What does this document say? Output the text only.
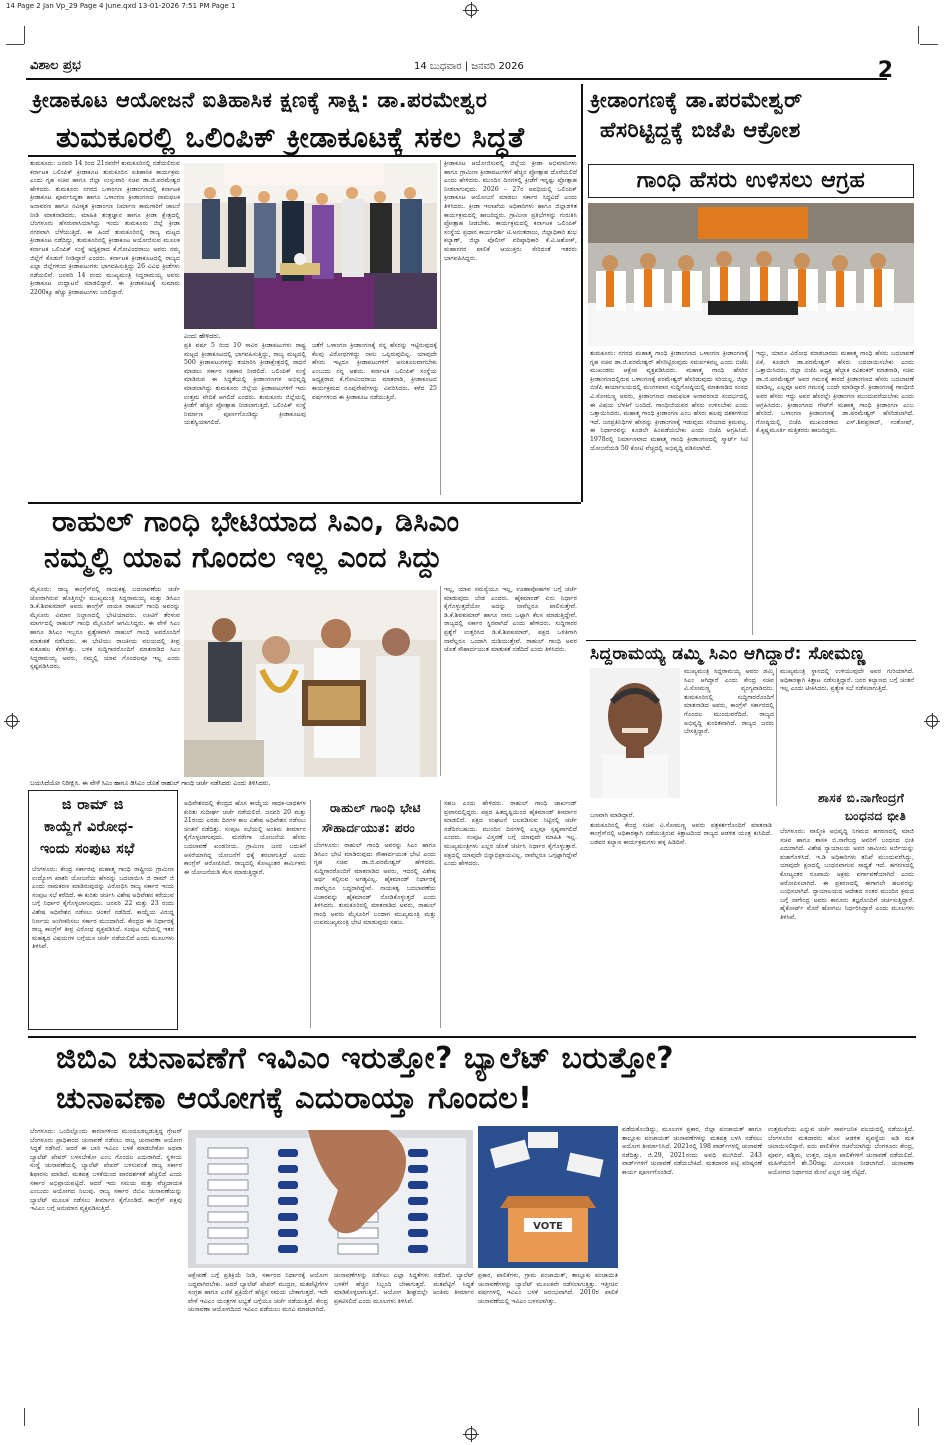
14 Page 2 Jan Vp_29 Page 4 June.qxd 13-01-2026 7:51 PM Page 1
ವಿಶಾಲ ಪ್ರಭ	14 ಬುಧವಾರ | ಜನವರಿ 2026	2
ಕ್ರೀಡಾಕೂಟ ಆಯೋಜನೆ ಐತಿಹಾಸಿಕ ಕ್ಷಣಕ್ಕೆ ಸಾಕ್ಷಿ: ಡಾ.ಪರಮೇಶ್ವರ
ತುಮಕೂರಲ್ಲಿ ಒಲಿಂಪಿಕ್ ಕ್ರೀಡಾಕೂಟಕ್ಕೆ ಸಕಲ ಸಿದ್ಧತೆ
ತುಮಕೂರು: ಜನವರಿ 14 ರಿಂದ 21ರವರೆಗೆ ತುಮಕೂರಿನಲ್ಲಿ ನಡೆಯಲಿರುವ ಕರ್ನಾಟಕ ಒಲಿಂಪಿಕ್ ಕ್ರೀಡಾಕೂಟ ತುಮಕೂರಿನ ಐತಿಹಾಸಿಕ ಕಾರ್ಯಕ್ರಮ ಎಂದು ಗೃಹ ಸಚಿವ ಹಾಗೂ ಜಿಲ್ಲಾ ಉಸ್ತುವಾರಿ ಸಚಿವ ಡಾ.ಜಿ.ಪರಮೇಶ್ವರ ಹೇಳಿದರು. ತುಮಕೂರು ನಗರದ ಒಳಾಂಗಣ ಕ್ರೀಡಾಂಗಣದಲ್ಲಿ ಕರ್ನಾಟಕ ಕ್ರೀಡಾಕೂಟ ಪೂರ್ವಸಿದ್ಧತಾ ಹಾಗೂ ಒಳಾಂಗಣ ಕ್ರೀಡಾಂಗಣದ ನಾಮಫಲಕ ಅನಾವರಣ ಹಾಗೂ ನವೀಕೃತ ಕ್ರೀಡಾಂಗಣ ನಿರ್ಮಾಣ ಕಾಮಗಾರಿಗೆ ಚಾಲನೆ ನೀಡಿ ಮಾತನಾಡಿದರು. ಮಾಹಿತಿ ತಂತ್ರಜ್ಞಾನ ಹಾಗೂ ಕ್ರೀಡಾ ಕ್ಷೇತ್ರದಲ್ಲಿ ಬೆಂಗಳೂರು ಹೆಸರುವಾಸಿಯಾಗಿದ್ದು ಇಂದು ತುಮಕೂರು ಜಿಲ್ಲೆ ಕ್ರೀಡಾ ನಗರವಾಗಿ ಬೆಳೆಯುತ್ತಿದೆ. ಈ ಹಿಂದೆ ತುಮಕೂರಿನಲ್ಲಿ ರಾಜ್ಯ ಮಟ್ಟದ ಕ್ರೀಡಾಕೂಟ ನಡೆದಿದ್ದು, ತುಮಕೂರಿನಲ್ಲಿ ಕ್ರೀಡಾಕೂಟ ಆಯೋಜಿಸುವ ಮೂಲಕ ಕರ್ನಾಟಕ ಒಲಿಂಪಿಕ್ ಸಂಸ್ಥೆ ಅಧ್ಯಕ್ಷರಾದ ಕೆ.ಗೋವಿಂದರಾಜು ಅವರು ನಮ್ಮ ಜಿಲ್ಲೆಗೆ ಕೊಡುಗೆ ನೀಡಿದ್ದಾರೆ ಎಂದರು. ಕರ್ನಾಟಕ ಕ್ರೀಡಾಕೂಟದಲ್ಲಿ ರಾಜ್ಯದ ಎಲ್ಲಾ ಜಿಲ್ಲೆಗಳಿಂದ ಕ್ರೀಡಾಪಟುಗಳು ಭಾಗವಹಿಸುತ್ತಿದ್ದು 26 ವಿವಿಧ ಕ್ರೀಡೆಗಳು ನಡೆಯಲಿವೆ. ಜನವರಿ 14 ರಂದು ಮುಖ್ಯಮಂತ್ರಿ ಸಿದ್ದರಾಮಯ್ಯ ಅವರು ಕ್ರೀಡಾಕೂಟ ಉದ್ಘಾಟನೆ ಮಾಡಲಿದ್ದಾರೆ. ಈ ಕ್ರೀಡಾಕೂಟಕ್ಕೆ ಸುಮಾರು 2200ಕ್ಕೂ ಹೆಚ್ಚು ಕ್ರೀಡಾಪಟುಗಳು ಬರಲಿದ್ದಾರೆ.
ಕ್ರೀಡಾಕೂಟ ಆಯೋಜಿಸುವಲ್ಲಿ ಜಿಲ್ಲೆಯ ಕ್ರೀಡಾ ಅಭಿಮಾನಿಗಳು ಹಾಗೂ ಗ್ರಾಮೀಣ ಕ್ರೀಡಾಪಟುಗಳಿಗೆ ಹೆಚ್ಚಿನ ಪ್ರೋತ್ಸಾಹ ದೊರೆಯಲಿದೆ ಎಂದು ಹೇಳಿದರು. ಮುಂದಿನ ದಿನಗಳಲ್ಲಿ ಕ್ರೀಡೆಗೆ ಇನ್ನಷ್ಟು ಪ್ರೋತ್ಸಾಹ ನೀಡಲಾಗುವುದು. 2026 – 27ರ ಅವಧಿಯಲ್ಲಿ ಒಲಿಂಪಿಕ್ ಕ್ರೀಡಾಕೂಟ ಆಯೋಜನೆ ಮಾಡಲು ಸರ್ಕಾರ ಸಿದ್ಧವಿದೆ ಎಂದು ತಿಳಿಸಿದರು. ಕ್ರೀಡಾ ಇಲಾಖೆಯ ಅಧಿಕಾರಿಗಳು ಹಾಗೂ ಜಿಲ್ಲಾಡಳಿತ ಕಾರ್ಯಕ್ರಮದಲ್ಲಿ ಹಾಜರಿದ್ದರು. ಗ್ರಾಮೀಣ ಪ್ರತಿಭೆಗಳನ್ನು ಗುರುತಿಸಿ ಪ್ರೋತ್ಸಾಹ ನೀಡಬೇಕು. ಕಾರ್ಯಕ್ರಮದಲ್ಲಿ ಕರ್ನಾಟಕ ಒಲಿಂಪಿಕ್ ಸಂಸ್ಥೆಯ ಪ್ರಧಾನ ಕಾರ್ಯದರ್ಶಿ ಟಿ.ಅನಂತರಾಜು, ಜಿಲ್ಲಾಧಿಕಾರಿ ಶುಭ ಕಲ್ಯಾಣ್, ಜಿಲ್ಲಾ ಪೊಲೀಸ್ ವರಿಷ್ಠಾಧಿಕಾರಿ ಕೆ.ವಿ.ಅಶೋಕ್, ಮಹಾನಗರ ಪಾಲಿಕೆ ಆಯುಕ್ತರು ಸೇರಿದಂತೆ ಇತರರು ಭಾಗವಹಿಸಿದ್ದರು.
ಎಂದು ಹೇಳಿದರು.
ಪ್ರತಿ ವರ್ಷ 5 ರಿಂದ 10 ಸಾವಿರ ಕ್ರೀಡಾಪಟುಗಳು ರಾಷ್ಟ್ರ ಮಟ್ಟದ ಕ್ರೀಡಾಕೂಟದಲ್ಲಿ ಭಾಗವಹಿಸುತ್ತಿದ್ದು, ರಾಜ್ಯ ಮಟ್ಟದಲ್ಲಿ 500 ಕ್ರೀಡಾಪಟುಗಳನ್ನು ತಯಾರಿಸಿ ಕ್ರೀಡಾಕ್ಷೇತ್ರದಲ್ಲಿ ಸಾಧನೆ ಮಾಡಲು ಸರ್ಕಾರ ಸಹಕಾರ ನೀಡಲಿದೆ. ಒಲಿಂಪಿಕ್ ಸಂಸ್ಥೆ ಮಾಡಿರುವ ಈ ಸಿದ್ಧತೆಯಲ್ಲಿ ಕ್ರೀಡಾಂಗಣಗಳ ಅಭಿವೃದ್ಧಿ ಮಾಡಲಾಗಿದ್ದು ತುಮಕೂರು ಜಿಲ್ಲೆಯ ಕ್ರೀಡಾಪಟುಗಳಿಗೆ ಇದು ಉತ್ತಮ ವೇದಿಕೆ ಆಗಲಿದೆ ಎಂದರು. ತುಮಕೂರು ಜಿಲ್ಲೆಯಲ್ಲಿ ಕ್ರೀಡೆಗೆ ಹೆಚ್ಚಿನ ಪ್ರೋತ್ಸಾಹ ನೀಡಲಾಗುತ್ತಿದೆ. ಒಲಿಂಪಿಕ್ ಸಂಸ್ಥೆ ನಿರ್ಮಾಣ ಪೂರ್ಣಗೊಂಡಿದ್ದು ಕ್ರೀಡಾಕೂಟವು ಯಶಸ್ವಿಯಾಗಲಿದೆ.
ಜತೆಗೆ ಒಳಾಂಗಣ ಕ್ರೀಡಾಂಗಣಕ್ಕೆ ನನ್ನ ಹೆಸರನ್ನು ಇಟ್ಟಿರುವುದಕ್ಕೆ ಕೆಲವು ವಿರೋಧಗಳಿದ್ದು ನಾನು ಒಪ್ಪಿರುವುದಿಲ್ಲ. ಯಾವುದೇ ಹೆಸರು ಇಟ್ಟರೂ ಕ್ರೀಡಾಪಟುಗಳಿಗೆ ಅನುಕೂಲವಾಗಬೇಕು ಎಂಬುದು ನನ್ನ ಆಶಯ. ಕರ್ನಾಟಕ ಒಲಿಂಪಿಕ್ ಸಂಸ್ಥೆಯ ಅಧ್ಯಕ್ಷರಾದ ಕೆ.ಗೋವಿಂದರಾಜು ಮಾತನಾಡಿ, ಕ್ರೀಡಾಕೂಟದ ಕಾರ್ಯಕ್ರಮದ ರೂಪುರೇಷೆಗಳನ್ನು ವಿವರಿಸಿದರು. ಕಳೆದ 25 ವರ್ಷಗಳಿಂದ ಈ ಕ್ರೀಡಾಕೂಟ ನಡೆಯುತ್ತಿದೆ.
ಕ್ರೀಡಾಂಗಣಕ್ಕೆ ಡಾ.ಪರಮೇಶ್ವರ್
ಹೆಸರಿಟ್ಟಿದ್ದಕ್ಕೆ ಬಿಜೆಪಿ ಆಕ್ರೋಶ
ಗಾಂಧಿ ಹೆಸರು ಉಳಿಸಲು ಆಗ್ರಹ
ತುಮಕೂರು: ನಗರದ ಮಹಾತ್ಮ ಗಾಂಧಿ ಕ್ರೀಡಾಂಗಣದ ಒಳಾಂಗಣ ಕ್ರೀಡಾಂಗಣಕ್ಕೆ ಗೃಹ ಸಚಿವ ಡಾ.ಜಿ.ಪರಮೇಶ್ವರ್ ಹೆಸರಿಟ್ಟಿರುವುದು ಸಮರ್ಪಕವಲ್ಲ ಎಂದು ಬಿಜೆಪಿ ಮುಖಂಡರು ಆಕ್ಷೇಪ ವ್ಯಕ್ತಪಡಿಸಿದರು. ಮಹಾತ್ಮ ಗಾಂಧಿ ಹೆಸರಿನ ಕ್ರೀಡಾಂಗಣದಲ್ಲಿರುವ ಒಳಾಂಗಣಕ್ಕೆ ಪರಮೇಶ್ವರ್ ಹೆಸರಿಡುವುದು ಸರಿಯಲ್ಲ. ಜಿಲ್ಲಾ ಬಿಜೆಪಿ ಕಾರ್ಯಾಲಯದಲ್ಲಿ ಮಂಗಳವಾರ ಸುದ್ದಿಗೋಷ್ಠಿಯಲ್ಲಿ ಮಾತನಾಡಿದ ಸಂಸದ ವಿ.ಸೋಮಣ್ಣ ಅವರು, ಕ್ರೀಡಾಂಗಣದ ನಾಮಫಲಕ ಅನಾವರಣದ ಸಂದರ್ಭದಲ್ಲಿ ಈ ವಿಷಯ ಬೆಳಕಿಗೆ ಬಂದಿದೆ. ಗಾಂಧೀಜಿಯವರ ಹೆಸರು ಉಳಿಸಬೇಕು ಎಂದು ಒತ್ತಾಯಿಸಿದರು. ಮಹಾತ್ಮ ಗಾಂಧಿ ಕ್ರೀಡಾಂಗಣ ಎಂಬ ಹೆಸರು ಹಲವು ದಶಕಗಳಿಂದ ಇದೆ. ಜನಪ್ರತಿನಿಧಿಗಳ ಹೆಸರನ್ನು ಕ್ರೀಡಾಂಗಣಕ್ಕೆ ಇಡುವುದು ಸರಿಯಾದ ಕ್ರಮವಲ್ಲ. ಈ ನಿರ್ಧಾರವನ್ನು ಕೂಡಲೇ ಹಿಂಪಡೆಯಬೇಕು ಎಂದು ಬಿಜೆಪಿ ಆಗ್ರಹಿಸಿದೆ. 1978ರಲ್ಲಿ ನಿರ್ಮಾಣವಾದ ಮಹಾತ್ಮ ಗಾಂಧಿ ಕ್ರೀಡಾಂಗಣದಲ್ಲಿ ಸ್ಮಾರ್ಟ್ ಸಿಟಿ ಯೋಜನೆಯಡಿ 50 ಕೋಟಿ ವೆಚ್ಚದಲ್ಲಿ ಅಭಿವೃದ್ಧಿ ಪಡಿಸಲಾಗಿದೆ.
ಇದ್ದು, ಯಾರೂ ವಿರೋಧ ಮಾಡಬಾರದು ಮಹಾತ್ಮ ಗಾಂಧಿ ಹೆಸರು ಬದಲಾವಣೆ ಏಕೆ, ಕೂಡಲೇ ಡಾ.ಪರಮೇಶ್ವರ್ ಹೆಸರು ಬದಲಾಯಿಸಬೇಕು ಎಂದು ಒತ್ತಾಯಿಸಿದರು. ಜಿಲ್ಲಾ ಬಿಜೆಪಿ ಅಧ್ಯಕ್ಷ ಹೆಬ್ಬಾಕ ರವಿಶಂಕರ್ ಮಾತನಾಡಿ, ಸಚಿವ ಡಾ.ಜಿ.ಪರಮೇಶ್ವರ್ ಅವರ ಗಮನಕ್ಕೆ ತಾರದೆ ಕ್ರೀಡಾಂಗಣದ ಹೆಸರು ಬದಲಾವಣೆ ಮಾಡಿಲ್ಲ, ಎಲ್ಲವೂ ಅವರ ಗಮನಕ್ಕೆ ಬಂದೇ ಮಾಡಿದ್ದಾರೆ. ಕ್ರೀಡಾಂಗಣಕ್ಕೆ ಗಾಂಧೀಜಿ ಅವರ ಹೆಸರು ಇದ್ದು ಅವರ ಹೆಸರಲ್ಲೇ ಕ್ರೀಡಾಂಗಣ ಮುಂದುವರೆಯಬೇಕು ಎಂದು ಆಗ್ರಹಿಸಿದರು. ಕ್ರೀಡಾಂಗಣದ ಗೇಟ್‌ಗೆ ಮಹಾತ್ಮ ಗಾಂಧಿ ಕ್ರೀಡಾಂಗಣ ಎಂಬ ಹೆಸರಿದೆ. ಒಳಾಂಗಣ ಕ್ರೀಡಾಂಗಣಕ್ಕೆ ಡಾ.ಪರಮೇಶ್ವರ್ ಹೆಸರಿಡಲಾಗಿದೆ. ಗೋಷ್ಠಿಯಲ್ಲಿ ಬಿಜೆಪಿ ಮುಖಂಡರಾದ ಎಸ್.ಶಿವಪ್ರಸಾದ್, ಸಂತೋಷ್, ಕೆ.ಕೃಷ್ಣಮೂರ್ತಿ ಮತ್ತಿತರರು ಹಾಜರಿದ್ದರು.
ರಾಹುಲ್ ಗಾಂಧಿ ಭೇಟಿಯಾದ ಸಿಎಂ, ಡಿಸಿಎಂ
ನಮ್ಮಲ್ಲಿ ಯಾವ ಗೊಂದಲ ಇಲ್ಲ ಎಂದ ಸಿದ್ದು
ಮೈಸೂರು: ರಾಜ್ಯ ಕಾಂಗ್ರೆಸ್‌ನಲ್ಲಿ ನಾಯಕತ್ವ ಬದಲಾವಣೆಯ ಚರ್ಚೆ ಜೋರಾಗಿರುವ ಹೊತ್ತಿನಲ್ಲೇ ಮುಖ್ಯಮಂತ್ರಿ ಸಿದ್ದರಾಮಯ್ಯ ಮತ್ತು ಡಿಸಿಎಂ ಡಿ.ಕೆ.ಶಿವಕುಮಾರ್ ಅವರು ಕಾಂಗ್ರೆಸ್ ನಾಯಕ ರಾಹುಲ್ ಗಾಂಧಿ ಅವರನ್ನು ಮೈಸೂರು ವಿಮಾನ ನಿಲ್ದಾಣದಲ್ಲಿ ಭೇಟಿಯಾದರು. ಊಟಿಗೆ ತೆರಳುವ ಮಾರ್ಗದಲ್ಲಿ ರಾಹುಲ್ ಗಾಂಧಿ ಮೈಸೂರಿಗೆ ಆಗಮಿಸಿದ್ದರು. ಈ ವೇಳೆ ಸಿಎಂ ಹಾಗೂ ಡಿಸಿಎಂ ಇಬ್ಬರೂ ಪ್ರತ್ಯೇಕವಾಗಿ ರಾಹುಲ್ ಗಾಂಧಿ ಅವರೊಂದಿಗೆ ಮಾತುಕತೆ ನಡೆಸಿದರು. ಈ ಭೇಟಿಯು ರಾಜಕೀಯ ವಲಯದಲ್ಲಿ ತೀವ್ರ ಕುತೂಹಲ ಕೆರಳಿಸಿತ್ತು. ಬಳಿಕ ಸುದ್ದಿಗಾರರೊಂದಿಗೆ ಮಾತನಾಡಿದ ಸಿಎಂ ಸಿದ್ದರಾಮಯ್ಯ ಅವರು, ನಮ್ಮಲ್ಲಿ ಯಾವ ಗೊಂದಲವೂ ಇಲ್ಲ ಎಂದು ಸ್ಪಷ್ಟಪಡಿಸಿದರು.
ಇಲ್ಲ, ಯಾವ ಸಮಸ್ಯೆಯೂ ಇಲ್ಲ, ಊಹಾಪೋಹಗಳ ಬಗ್ಗೆ ಚರ್ಚೆ ಮಾಡುವುದು ಬೇಡ ಎಂದರು. ಹೈಕಮಾಂಡ್ ಏನು ನಿರ್ಧಾರ ಕೈಗೊಳ್ಳುತ್ತದೆಯೋ ಅದನ್ನು ನಾವೆಲ್ಲರೂ ಪಾಲಿಸುತ್ತೇವೆ. ಡಿ.ಕೆ.ಶಿವಕುಮಾರ್ ಹಾಗೂ ನಾನು ಒಟ್ಟಾಗಿ ಕೆಲಸ ಮಾಡುತ್ತಿದ್ದೇವೆ. ರಾಜ್ಯದಲ್ಲಿ ಸರ್ಕಾರ ಸ್ಥಿರವಾಗಿದೆ ಎಂದು ಹೇಳಿದರು. ಸುದ್ದಿಗಾರರ ಪ್ರಶ್ನೆಗೆ ಉತ್ತರಿಸಿದ ಡಿ.ಕೆ.ಶಿವಕುಮಾರ್, ಪಕ್ಷದ ಒಳಿತಿಗಾಗಿ ನಾವೆಲ್ಲರೂ ಒಂದಾಗಿ ದುಡಿಯುತ್ತೇವೆ. ರಾಹುಲ್ ಗಾಂಧಿ ಅವರ ಜೊತೆ ಸೌಹಾರ್ದಯುತ ಮಾತುಕತೆ ನಡೆದಿದೆ ಎಂದು ತಿಳಿಸಿದರು.
ಬಯಸಿದೆಯೋ ನಿರೀಕ್ಷಿಸಿ. ಈ ವೇಳೆ ಸಿಎಂ ಹಾಗೂ ಡಿಸಿಎಂ ಜೊತೆ ರಾಹುಲ್ ಗಾಂಧಿ ಚರ್ಚೆ ನಡೆಸಿದರು ಎಂದು ತಿಳಿಸಿದರು.
ಸಿದ್ದರಾಮಯ್ಯ ಡಮ್ಮಿ ಸಿಎಂ ಆಗಿದ್ದಾರೆ: ಸೋಮಣ್ಣ
ಮುಖ್ಯಮಂತ್ರಿ ಸಿದ್ದರಾಮಯ್ಯ ಅವರು ಡಮ್ಮಿ ಸಿಎಂ ಆಗಿದ್ದಾರೆ ಎಂದು ಕೇಂದ್ರ ಸಚಿವ ವಿ.ಸೋಮಣ್ಣ ವ್ಯಂಗ್ಯವಾಡಿದರು. ತುಮಕೂರಿನಲ್ಲಿ ಸುದ್ದಿಗಾರರೊಂದಿಗೆ ಮಾತನಾಡಿದ ಅವರು, ಕಾಂಗ್ರೆಸ್ ಸರ್ಕಾರದಲ್ಲಿ ಗೊಂದಲ ಮುಂದುವರೆದಿದೆ. ರಾಜ್ಯದ ಅಭಿವೃದ್ಧಿ ಕುಂಠಿತವಾಗಿದೆ. ರಾಜ್ಯದ ಜನರು ಬೇಸತ್ತಿದ್ದಾರೆ.

ಬಣವಾಗಿ ಮಾಡಿದ್ದಾರೆ.

ತುಮಕೂರಿನಲ್ಲಿ ಕೇಂದ್ರ ಸಚಿವ ವಿ.ಸೋಮಣ್ಣ ಅವರು ಪತ್ರಕರ್ತರೊಂದಿಗೆ ಮಾತನಾಡಿ ಕಾಂಗ್ರೆಸ್‌ನಲ್ಲಿ ಅಧಿಕಾರಕ್ಕಾಗಿ ನಡೆಯುತ್ತಿರುವ ಕಿತ್ತಾಟದಿಂದ ರಾಜ್ಯದ ಆಡಳಿತ ಯಂತ್ರ ಕುಸಿದಿದೆ. ಬಡವರ ಕಲ್ಯಾಣ ಕಾರ್ಯಕ್ರಮಗಳು ಹಳ್ಳ ಹಿಡಿದಿವೆ.

ಮುಖ್ಯಮಂತ್ರಿ ಸ್ಥಾನದಲ್ಲಿ ಉಳಿಯುವುದೇ ಅವರ ಗುರಿಯಾಗಿದೆ. ಅಧಿಕಾರಕ್ಕಾಗಿ ಕಿತ್ತಾಟ ನಡೆಸುತ್ತಿದ್ದಾರೆ. ಜನರ ಕಲ್ಯಾಣದ ಬಗ್ಗೆ ಚಿಂತನೆ ಇಲ್ಲ ಎಂದು ಟೀಕಿಸಿದರು. ಪ್ರತ್ಯೇಕ ಸಭೆ ನಡೆಸಲಾಗುತ್ತಿದೆ.
ಶಾಸಕ ಬಿ.ನಾಗೇಂದ್ರಗೆ
ಬಂಧನದ ಭೀತಿ
ಬೆಂಗಳೂರು: ವಾಲ್ಮೀಕಿ ಅಭಿವೃದ್ಧಿ ನಿಗಮದ ಹಗರಣದಲ್ಲಿ ಮಾಜಿ ಸಚಿವ ಹಾಗೂ ಶಾಸಕ ಬಿ.ನಾಗೇಂದ್ರ ಅವರಿಗೆ ಬಂಧನದ ಭೀತಿ ಎದುರಾಗಿದೆ. ವಿಶೇಷ ನ್ಯಾಯಾಲಯ ಅವರ ಜಾಮೀನು ಅರ್ಜಿಯನ್ನು ವಜಾಗೊಳಿಸಿದೆ. ಇ.ಡಿ ಅಧಿಕಾರಿಗಳು ತನಿಖೆ ಮುಂದುವರೆಸಿದ್ದು, ಯಾವುದೇ ಕ್ಷಣದಲ್ಲಿ ಬಂಧನವಾಗುವ ಸಾಧ್ಯತೆ ಇದೆ. ಹಗರಣದಲ್ಲಿ ಕೋಟ್ಯಂತರ ರೂಪಾಯಿ ಅಕ್ರಮ ವರ್ಗಾವಣೆಯಾಗಿದೆ ಎಂದು ಆರೋಪಿಸಲಾಗಿದೆ. ಈ ಪ್ರಕರಣದಲ್ಲಿ ಈಗಾಗಲೇ ಹಲವರನ್ನು ಬಂಧಿಸಲಾಗಿದೆ. ನ್ಯಾಯಾಲಯದ ಆದೇಶದ ನಂತರ ಮುಂದಿನ ಕ್ರಮದ ಬಗ್ಗೆ ನಾಗೇಂದ್ರ ಅವರು ಕಾನೂನು ತಜ್ಞರೊಂದಿಗೆ ಚರ್ಚಿಸುತ್ತಿದ್ದಾರೆ. ಹೈಕೋರ್ಟ್ ಮೊರೆ ಹೋಗಲು ನಿರ್ಧರಿಸಿದ್ದಾರೆ ಎಂದು ಮೂಲಗಳು ತಿಳಿಸಿವೆ.
ಜಿ ರಾಮ್ ಜಿ
ಕಾಯ್ದೆಗೆ ವಿರೋಧ-
ಇಂದು ಸಂಪುಟ ಸಭೆ
ಬೆಂಗಳೂರು: ಕೇಂದ್ರ ಸರ್ಕಾರವು ಮಹಾತ್ಮ ಗಾಂಧಿ ರಾಷ್ಟ್ರೀಯ ಗ್ರಾಮೀಣ ಉದ್ಯೋಗ ಖಾತರಿ ಯೋಜನೆಯ ಹೆಸರನ್ನು ಬದಲಾಯಿಸಿ ಜಿ ರಾಮ್ ಜಿ ಎಂದು ನಾಮಕರಣ ಮಾಡಿರುವುದನ್ನು ವಿರೋಧಿಸಿ ರಾಜ್ಯ ಸರ್ಕಾರ ಇಂದು ಸಂಪುಟ ಸಭೆ ಕರೆದಿದೆ. ಈ ಕುರಿತು ಚರ್ಚಿಸಿ ವಿಶೇಷ ಅಧಿವೇಶನ ಕರೆಯುವ ಬಗ್ಗೆ ನಿರ್ಧಾರ ಕೈಗೊಳ್ಳಲಾಗುವುದು. ಜನವರಿ 22 ಮತ್ತು 23 ರಂದು ವಿಶೇಷ ಅಧಿವೇಶನ ನಡೆಸಲು ಚಿಂತನೆ ನಡೆದಿದೆ. ಕಾಯ್ದೆಯ ವಿರುದ್ಧ ನಿರ್ಣಯ ಅಂಗೀಕರಿಸಲು ಸರ್ಕಾರ ಮುಂದಾಗಿದೆ. ಕೇಂದ್ರದ ಈ ನಿರ್ಧಾರಕ್ಕೆ ರಾಜ್ಯ ಕಾಂಗ್ರೆಸ್ ತೀವ್ರ ವಿರೋಧ ವ್ಯಕ್ತಪಡಿಸಿದೆ. ಸಂಪುಟ ಸಭೆಯಲ್ಲಿ ಇತರ ಮಹತ್ವದ ವಿಷಯಗಳ ಬಗ್ಗೆಯೂ ಚರ್ಚೆ ನಡೆಯಲಿದೆ ಎಂದು ಮೂಲಗಳು ತಿಳಿಸಿವೆ.
ಅಧಿವೇಶನದಲ್ಲಿ ಕೇಂದ್ರದ ಹೊಸ ಕಾಯ್ದೆಯ ಸಾಧಕ-ಬಾಧಕಗಳ ಕುರಿತು ಸುದೀರ್ಘ ಚರ್ಚೆ ನಡೆಯಲಿದೆ. ಜನವರಿ 20 ಮತ್ತು 21ರಂದು ಎರಡು ದಿನಗಳ ಕಾಲ ವಿಶೇಷ ಅಧಿವೇಶನ ನಡೆಸಲು ಚಿಂತನೆ ನಡೆದಿತ್ತು. ಸಂಪುಟ ಸಭೆಯಲ್ಲಿ ಅಂತಿಮ ತೀರ್ಮಾನ ಕೈಗೊಳ್ಳಲಾಗುವುದು. ಮನರೇಗಾ ಯೋಜನೆಯ ಹೆಸರು ಬದಲಾವಣೆ ಖಂಡನೀಯ. ಗ್ರಾಮೀಣ ಜನರ ಬದುಕಿಗೆ ಆಸರೆಯಾಗಿದ್ದ ಯೋಜನೆಗೆ ಧಕ್ಕೆ ತರಲಾಗುತ್ತಿದೆ ಎಂದು ಕಾಂಗ್ರೆಸ್ ಆರೋಪಿಸಿದೆ. ರಾಜ್ಯದಲ್ಲಿ ಕೋಟ್ಯಂತರ ಕಾರ್ಮಿಕರು ಈ ಯೋಜನೆಯಡಿ ಕೆಲಸ ಮಾಡುತ್ತಿದ್ದಾರೆ.
ರಾಹುಲ್ ಗಾಂಧಿ ಭೇಟಿ
ಸೌಹಾರ್ದಯುತ: ಪರಂ
ಬೆಂಗಳೂರು: ರಾಹುಲ್ ಗಾಂಧಿ ಅವರನ್ನು ಸಿಎಂ ಹಾಗೂ ಡಿಸಿಎಂ ಭೇಟಿ ಮಾಡಿರುವುದು ಸೌಹಾರ್ದಯುತ ಭೇಟಿ ಎಂದು ಗೃಹ ಸಚಿವ ಡಾ.ಜಿ.ಪರಮೇಶ್ವರ್ ಹೇಳಿದರು. ಸುದ್ದಿಗಾರರೊಂದಿಗೆ ಮಾತನಾಡಿದ ಅವರು, ಇದರಲ್ಲಿ ವಿಶೇಷ ಅರ್ಥ ಕಲ್ಪಿಸುವ ಅಗತ್ಯವಿಲ್ಲ. ಹೈಕಮಾಂಡ್ ನಿರ್ಧಾರಕ್ಕೆ ನಾವೆಲ್ಲರೂ ಬದ್ಧರಾಗಿದ್ದೇವೆ. ನಾಯಕತ್ವ ಬದಲಾವಣೆಯ ವಿಚಾರವನ್ನು ಹೈಕಮಾಂಡ್ ನೋಡಿಕೊಳ್ಳುತ್ತದೆ ಎಂದು ತಿಳಿಸಿದರು. ತುಮಕೂರಿನಲ್ಲಿ ಮಾತನಾಡಿದ ಅವರು, ರಾಹುಲ್ ಗಾಂಧಿ ಅವರು ಮೈಸೂರಿಗೆ ಬಂದಾಗ ಮುಖ್ಯಮಂತ್ರಿ ಮತ್ತು ಉಪಮುಖ್ಯಮಂತ್ರಿ ಭೇಟಿ ಮಾಡುವುದು ಸಹಜ.
ಸಹಜ ಎಂದು ಹೇಳಿದರು. ರಾಹುಲ್ ಗಾಂಧಿ ಜಾರ್ಖಂಡ್ ಪ್ರವಾಸದಲ್ಲಿದ್ದರು. ಪಕ್ಷದ ಹಿತದೃಷ್ಟಿಯಿಂದ ಹೈಕಮಾಂಡ್ ತೀರ್ಮಾನ ಮಾಡಲಿದೆ. ಪಕ್ಷದ ಸಂಘಟನೆ ಬಲಪಡಿಸುವ ನಿಟ್ಟಿನಲ್ಲಿ ಚರ್ಚೆ ನಡೆದಿರಬಹುದು. ಮುಂದಿನ ದಿನಗಳಲ್ಲಿ ಎಲ್ಲವೂ ಸ್ಪಷ್ಟವಾಗಲಿದೆ ಎಂದರು. ಸಂಪುಟ ವಿಸ್ತರಣೆ ಬಗ್ಗೆ ಯಾವುದೇ ಮಾಹಿತಿ ಇಲ್ಲ. ಮುಖ್ಯಮಂತ್ರಿಗಳು ಎಲ್ಲರ ಜೊತೆ ಚರ್ಚಿಸಿ ನಿರ್ಧಾರ ಕೈಗೊಳ್ಳುತ್ತಾರೆ. ಪಕ್ಷದಲ್ಲಿ ಯಾವುದೇ ಭಿನ್ನಾಭಿಪ್ರಾಯವಿಲ್ಲ. ನಾವೆಲ್ಲರೂ ಒಗ್ಗಟ್ಟಾಗಿದ್ದೇವೆ ಎಂದು ಹೇಳಿದರು.
ಜಿಬಿಎ ಚುನಾವಣೆಗೆ ಇವಿಎಂ ಇರುತ್ತೋ? ಬ್ಯಾಲೆಟ್ ಬರುತ್ತೋ?
ಚುನಾವಣಾ ಆಯೋಗಕ್ಕೆ ಎದುರಾಯ್ತಾ ಗೊಂದಲ!
ಬೆಂಗಳೂರು: ಒಂದಿಲ್ಲೊಂದು ಕಾರಣಗಳಿಂದ ಮುಂದೂಡಲ್ಪಡುತ್ತಿದ್ದ ಗ್ರೇಟರ್ ಬೆಂಗಳೂರು ಪ್ರಾಧಿಕಾರದ ಚುನಾವಣೆ ನಡೆಸಲು ರಾಜ್ಯ ಚುನಾವಣಾ ಆಯೋಗ ಸಿದ್ಧತೆ ನಡೆಸಿದೆ. ಆದರೆ ಈ ಬಾರಿ ಇವಿಎಂ ಬಳಕೆ ಮಾಡಬೇಕೋ ಅಥವಾ ಬ್ಯಾಲೆಟ್ ಪೇಪರ್ ಬಳಸಬೇಕೋ ಎಂಬ ಗೊಂದಲ ಎದುರಾಗಿದೆ. ಸ್ಥಳೀಯ ಸಂಸ್ಥೆ ಚುನಾವಣೆಯಲ್ಲಿ ಬ್ಯಾಲೆಟ್ ಪೇಪರ್ ಬಳಸುವಂತೆ ರಾಜ್ಯ ಸರ್ಕಾರ ಶಿಫಾರಸು ಮಾಡಿದೆ. ಮತಪತ್ರ ಬಳಕೆಯಿಂದ ಪಾರದರ್ಶಕತೆ ಹೆಚ್ಚಲಿದೆ ಎಂದು ಸರ್ಕಾರ ಅಭಿಪ್ರಾಯಪಟ್ಟಿದೆ. ಆದರೆ ಇದು ಸಮಯ ಮತ್ತು ವೆಚ್ಚದಾಯಕ ಎಂಬುದು ಆಯೋಗದ ನಿಲುವು. ರಾಜ್ಯ ಸರ್ಕಾರ ಜಿಬಿಎ ಚುನಾವಣೆಯನ್ನು ಬ್ಯಾಲೆಟ್ ಮೂಲಕ ನಡೆಸಲು ತೀರ್ಮಾನ ಕೈಗೊಂಡಿದೆ. ಕಾಂಗ್ರೆಸ್ ಪಕ್ಷವು ಇವಿಎಂ ಬಗ್ಗೆ ಅನುಮಾನ ವ್ಯಕ್ತಪಡಿಸುತ್ತಿದೆ.
VOTE
ಆಕ್ಷೇಪಣೆ ಬಗ್ಗೆ ಪ್ರತಿಕ್ರಿಯೆ ನೀಡಿ, ಸರ್ಕಾರದ ನಿರ್ಧಾರಕ್ಕೆ ಆಯೋಗ ಬದ್ಧವಾಗಿರಬೇಕು. ಆದರೆ ಬ್ಯಾಲೆಟ್ ಪೇಪರ್ ಮುದ್ರಣ, ಮತಪೆಟ್ಟಿಗೆಗಳ ಸಂಗ್ರಹ ಹಾಗೂ ಎಣಿಕೆ ಪ್ರಕ್ರಿಯೆಗೆ ಹೆಚ್ಚಿನ ಸಮಯ ಬೇಕಾಗುತ್ತದೆ. ಇದೇ ವೇಳೆ ಇವಿಎಂ ಯಂತ್ರಗಳ ಲಭ್ಯತೆ ಬಗ್ಗೆಯೂ ಚರ್ಚೆ ನಡೆಯುತ್ತಿದೆ. ಕೇಂದ್ರ ಚುನಾವಣಾ ಆಯೋಗದಿಂದ ಇವಿಎಂ ಪಡೆಯಲು ಮನವಿ ಮಾಡಲಾಗಿದೆ.
ಚುನಾವಣೆಗಳನ್ನು ನಡೆಸಲು ಎಲ್ಲಾ ಸಿದ್ಧತೆಗಳು ನಡೆದಿವೆ. ಬ್ಯಾಲೆಟ್ ಬಳಕೆಗೆ ಹೆಚ್ಚಿನ ಸಿಬ್ಬಂದಿ ಬೇಕಾಗುತ್ತದೆ. ಮತಪೆಟ್ಟಿಗೆ ಸಿದ್ಧತೆ ಮಾಡಿಕೊಳ್ಳಲಾಗುತ್ತಿದೆ. ಆಯೋಗ ಶೀಘ್ರದಲ್ಲೇ ಅಂತಿಮ ತೀರ್ಮಾನ ಪ್ರಕಟಿಸಲಿದೆ ಎಂದು ಮೂಲಗಳು ತಿಳಿಸಿವೆ.
ಪ್ರಕಾರ, ಪಾಲಿಕೆಗಳು, ಗ್ರಾಮ ಪಂಚಾಯಿತ್, ತಾಲ್ಲೂಕು ಪಂಚಾಯಿತಿ ಚುನಾವಣೆಗಳನ್ನು ಬ್ಯಾಲೆಟ್ ಮೂಲಕವೇ ನಡೆಸಲಾಗುತ್ತಿತ್ತು. ಇತ್ತೀಚಿನ ವರ್ಷಗಳಲ್ಲಿ ಇವಿಎಂ ಬಳಕೆ ಆರಂಭವಾಗಿದೆ. 2010ರ ಪಾಲಿಕೆ ಚುನಾವಣೆಯಲ್ಲಿ ಇವಿಎಂ ಬಳಸಲಾಗಿತ್ತು.
ಪಡೆದುಕೊಂಡಿದ್ದು, ಮೂಲಗಳ ಪ್ರಕಾರ, ಜಿಲ್ಲಾ ಪಂಚಾಯತ್ ಹಾಗೂ ತಾಲ್ಲೂಕು ಪಂಚಾಯತ್ ಚುನಾವಣೆಗಳನ್ನು ಮತಪತ್ರ ಬಳಸಿ ನಡೆಸಲು ಆಯೋಗ ತೀರ್ಮಾನಿಸಿದೆ. 2021ರಲ್ಲಿ 198 ವಾರ್ಡ್‌ಗಳಲ್ಲಿ ಚುನಾವಣೆ ನಡೆದಿತ್ತು. ಜಿ.29, 2021ರಂದು ಅವಧಿ ಮುಗಿದಿದೆ. 243 ವಾರ್ಡ್‌ಗಳಿಗೆ ಚುನಾವಣೆ ನಡೆಯಬೇಕಿದೆ. ಮತದಾರರ ಪಟ್ಟಿ ಪರಿಷ್ಕರಣೆ ಕಾರ್ಯ ಪೂರ್ಣಗೊಂಡಿದೆ.
ಉತ್ತಮವೆಂದು ಎನ್ನುವ ಚರ್ಚೆ ಸಾರ್ವಜನಿಕ ವಲಯದಲ್ಲಿ ನಡೆಯುತ್ತಿದೆ. ಬೆಂಗಳೂರಿನ ಮತದಾರರು ಹೊಸ ಆಡಳಿತ ವ್ಯವಸ್ಥೆಯ ಅಡಿ ಮತ ಚಲಾಯಿಸಲಿದ್ದಾರೆ. ಐದು ಪಾಲಿಕೆಗಳ ರಚನೆಯಾಗಿದ್ದು ಬೆಂಗಳೂರು ಕೇಂದ್ರ, ಪೂರ್ವ, ಪಶ್ಚಿಮ, ಉತ್ತರ, ದಕ್ಷಿಣ ಪಾಲಿಕೆಗಳಿಗೆ ಚುನಾವಣೆ ನಡೆಯಲಿದೆ. ಮಹಿಳೆಯರಿಗೆ ಶೇ.50ರಷ್ಟು ಮೀಸಲಾತಿ ನೀಡಲಾಗಿದೆ. ಚುನಾವಣಾ ಆಯೋಗದ ನಿರ್ಧಾರದ ಮೇಲೆ ಎಲ್ಲರ ಚಿತ್ತ ನೆಟ್ಟಿದೆ.
